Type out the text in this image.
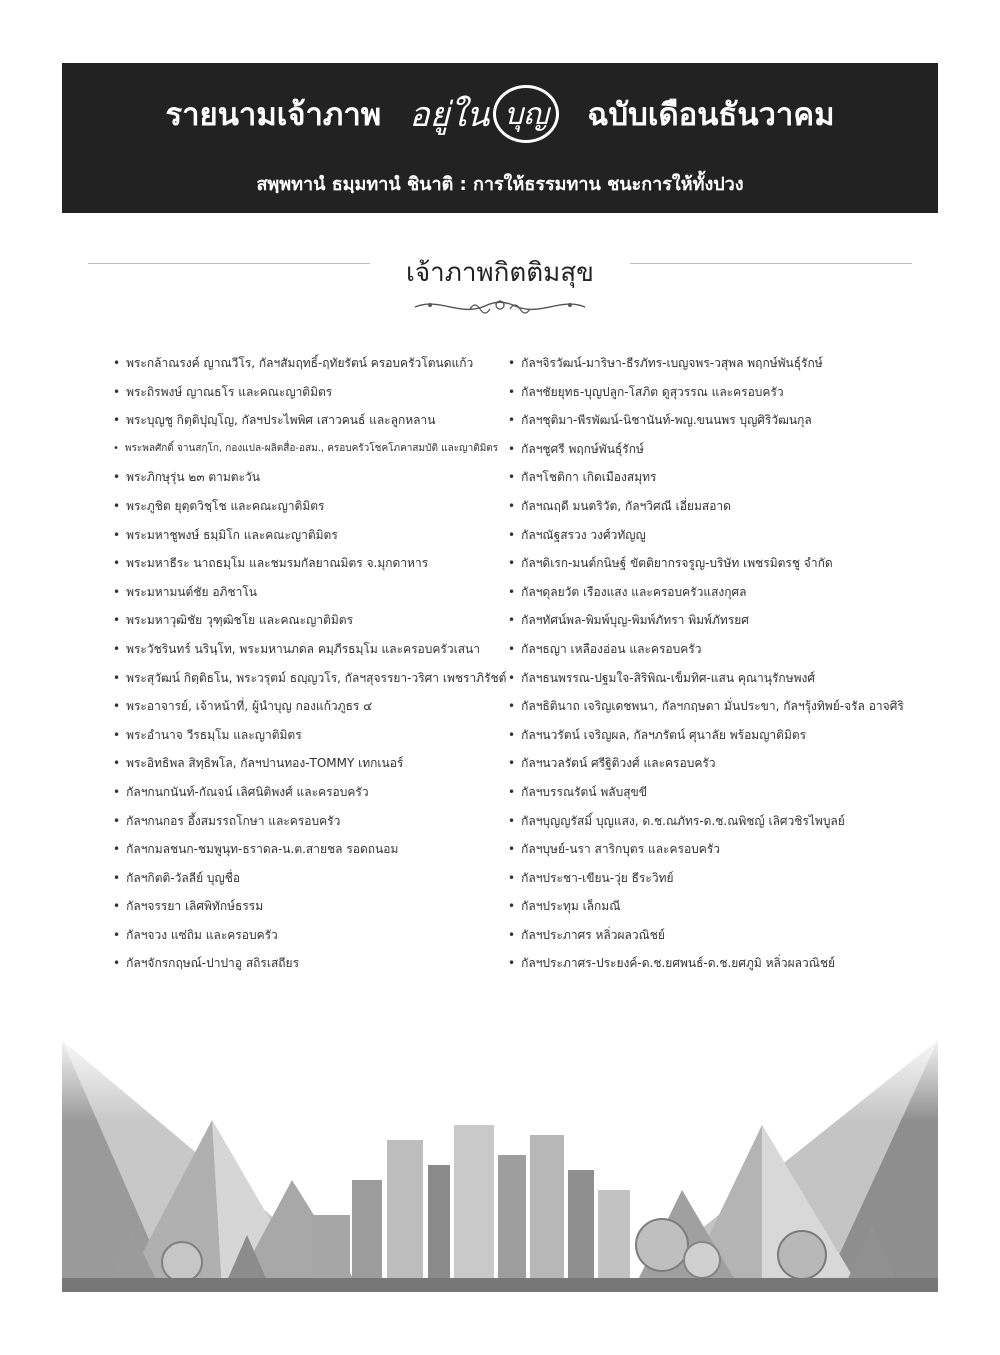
รายนามเจ้าภาพ อยู่ใน บุญ	ฉบับเดือนธันวาคม
สพฺพทานํ ธมฺมทานํ ชินาติ : การให้ธรรมทาน ชนะการให้ทั้งปวง
เจ้าภาพกิตติมสุข
• พระกล้าณรงค์ ญาณวีโร, กัลฯสัมฤทธิ์-ฤทัยรัตน์ ครอบครัวโตนดแก้ว
• พระถิรพงษ์ ญาณธโร และคณะญาติมิตร
• พระบุญชู กิตฺติปุญฺโญ, กัลฯประไพพิศ เสาวคนธ์ และลูกหลาน
• พระพลศักดิ์ จานสกฺโก, กองแปล-ผลิตสื่อ-อสม., ครอบครัวโชคโภคาสมบัติ และญาติมิตร
• พระภิกษุรุ่น ๒๓ ตามตะวัน
• พระภูชิต ยุตฺตวิชฺโช และคณะญาติมิตร
• พระมหาชูพงษ์ ธมฺมิโก และคณะญาติมิตร
• พระมหาธีระ นาถธมฺโม และชมรมกัลยาณมิตร จ.มุกดาหาร
• พระมหามนต์ชัย อภิชาโน
• พระมหาวุฒิชัย วุฑฺฒิชโย และคณะญาติมิตร
• พระวัชรินทร์ นรินฺโท, พระมหานภดล คมฺภีรธมฺโม และครอบครัวเสนา
• พระสุวัฒน์ กิตฺติธโน, พระวรุตม์ ธญฺญวโร, กัลฯสุจรรยา-วริศา เพชราภิรัชต์
• พระอาจารย์, เจ้าหน้าที่, ผู้นำบุญ กองแก้วภูธร ๔
• พระอำนาจ วีรธมฺโม และญาติมิตร
• พระอิทธิพล สิทฺธิพโล, กัลฯปานทอง-TOMMY เทกเนอร์
• กัลฯกนกนันท์-กัณจน์ เลิศนิติพงศ์ และครอบครัว
• กัลฯกนกอร อึ้งสมรรถโกษา และครอบครัว
• กัลฯกมลชนก-ชมพูนุท-ธราดล-น.ต.สายชล รอดถนอม
• กัลฯกิตติ-วัลลีย์ บุญชื่อ
• กัลฯจรรยา เลิศพิทักษ์ธรรม
• กัลฯจวง แซ่ถิม และครอบครัว
• กัลฯจักรกฤษณ์-ปาปาอู สถิรเสถียร
• กัลฯจิรวัฒน์-มาริษา-ธีรภัทร-เบญจพร-วสุพล พฤกษ์พันธุ์รักษ์
• กัลฯชัยยุทธ-บุญปลูก-โสภิต ดูสุวรรณ และครอบครัว
• กัลฯชุติมา-พีรพัฒน์-นิชานันท์-พญ.ขนนพร บุญศิริวัฒนกุล
• กัลฯชูศรี พฤกษ์พันธุ์รักษ์
• กัลฯโชติกา เกิดเมืองสมุทร
• กัลฯณฤดี มนตริวัต, กัลฯวิศณี เอี่ยมสอาด
• กัลฯณัฐสรวง วงศ์วทัญญู
• กัลฯดิเรก-มนต์กนิษฐ์ ขัตติยากรจรูญ-บริษัท เพชรมิตรชู จำกัด
• กัลฯดุลยวัต เรืองแสง และครอบครัวแสงกุศล
• กัลฯทัศน์พล-พิมพ์บุญ-พิมพ์ภัทรา พิมพ์ภัทรยศ
• กัลฯธญา เหลืองอ่อน และครอบครัว
• กัลฯธนพรรณ-ปฐมใจ-สิริพิณ-เข็มทิศ-แสน คุณานุรักษพงศ์
• กัลฯธิตินาถ เจริญเดชพนา, กัลฯกฤษดา มั่นประขา, กัลฯรุ้งทิพย์-จรัล อาจศิริ
• กัลฯนวรัตน์ เจริญผล, กัลฯภรัตน์ ศุนาลัย พร้อมญาติมิตร
• กัลฯนวลรัตน์ ศรีฐิติวงศ์ และครอบครัว
• กัลฯบรรณรัตน์ พลับสุขขี
• กัลฯบุญญรัสมิ์ บุญแสง, ด.ช.ณภัทร-ด.ช.ณพิชญ์ เลิศวชิรไพบูลย์
• กัลฯบุษย์-นรา สาริกบุตร และครอบครัว
• กัลฯประชา-เขียน-วุ่ย ธีระวิทย์
• กัลฯประทุม เล็กมณี
• กัลฯประภาศร หลิ่วผลวณิชย์
• กัลฯประภาศร-ประยงค์-ด.ช.ยศพนธ์-ด.ช.ยศภูมิ หลิ่วผลวณิชย์
